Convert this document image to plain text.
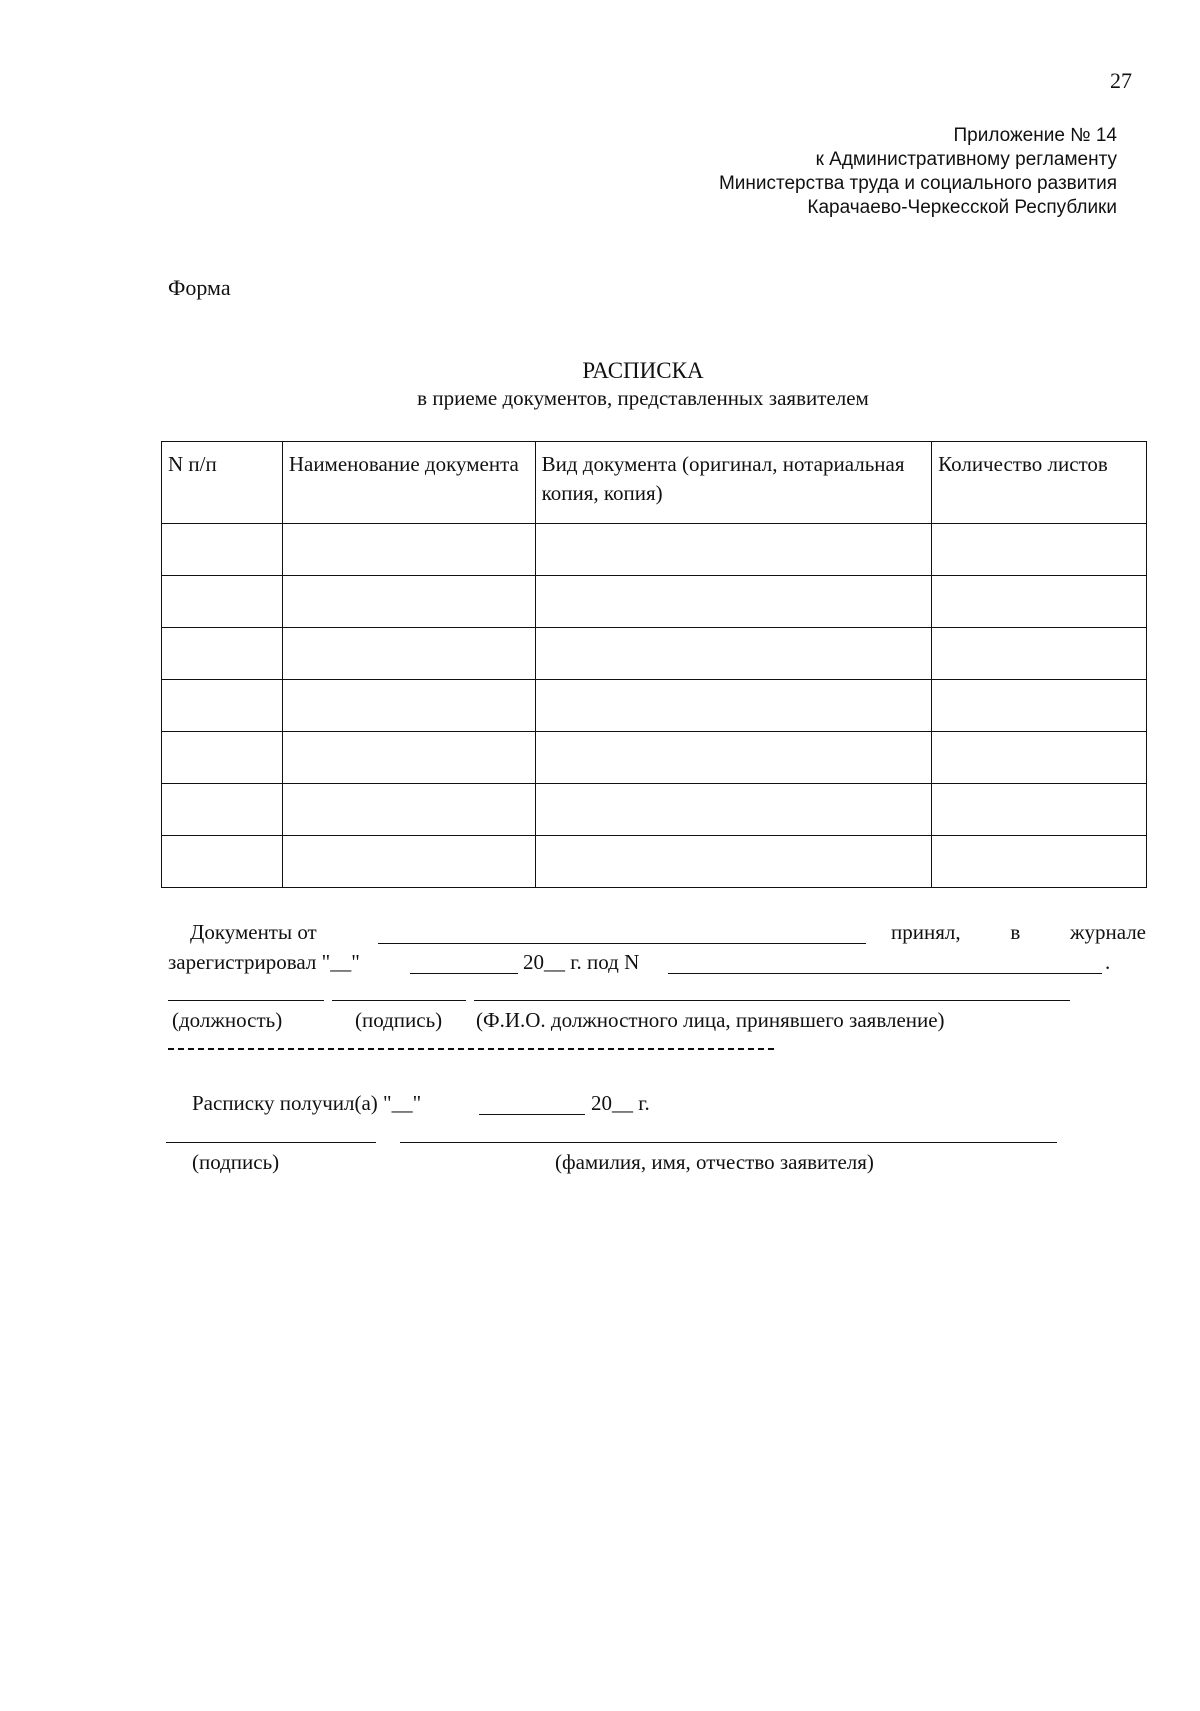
27
Приложение № 14
к Административному регламенту
Министерства труда и социального развития
Карачаево-Черкесской Республики
Форма
РАСПИСКА
в приеме документов, представленных заявителем
N п/п	Наименование документа	Вид документа (оригинал, нотариальная копия, копия)	Количество листов

Документы от	принял, в журнале
зарегистрировал "__"	20__ г. под N	.
(должность)	(подпись) (Ф.И.О. должностного лица, принявшего заявление)
Расписку получил(а) "__"	20__ г.
(подпись)	(фамилия, имя, отчество заявителя)
